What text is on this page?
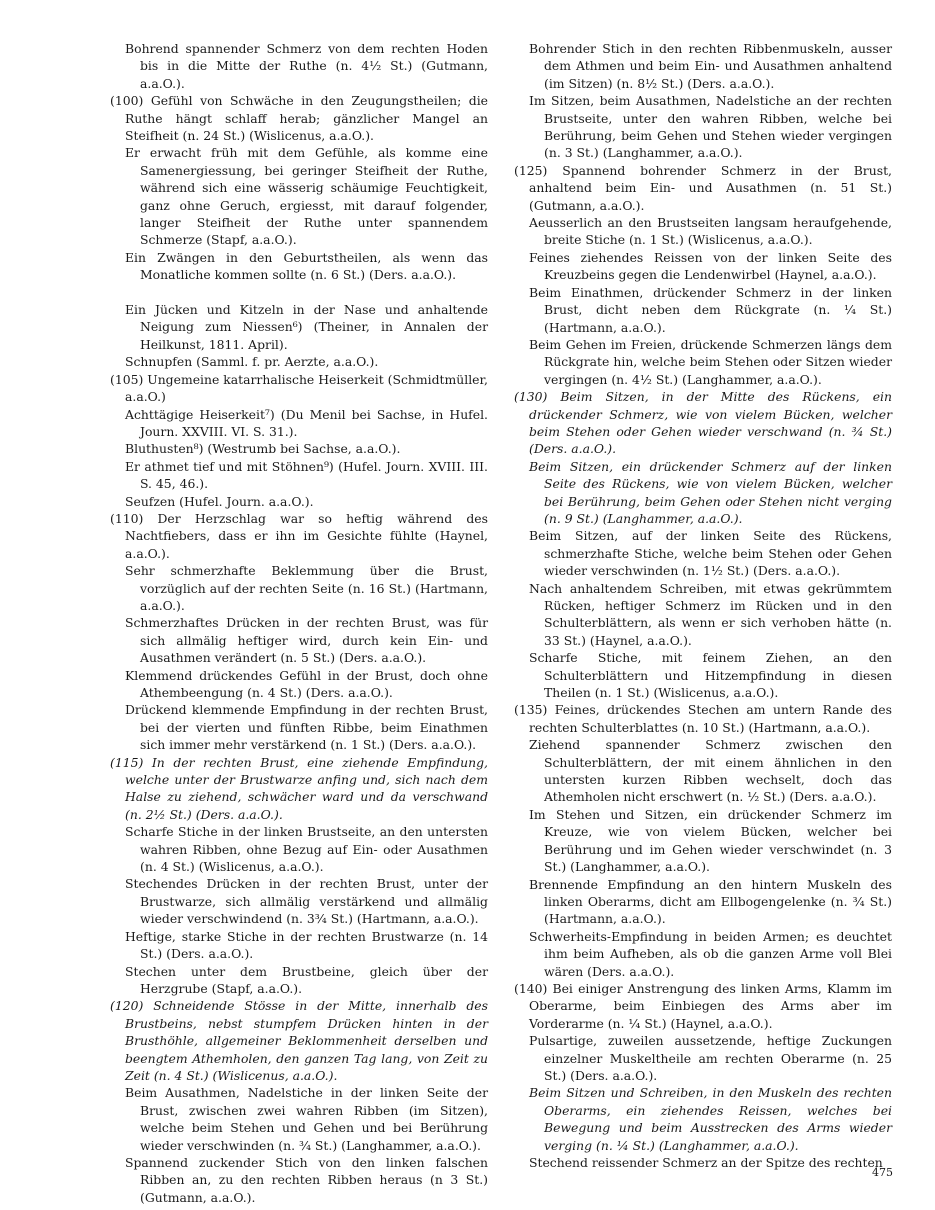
Bohrend spannender Schmerz von dem rechten Hoden bis in die Mitte der Ruthe (n. 4½ St.) (Gutmann, a.a.O.).

(100) Gefühl von Schwäche in den Zeugungstheilen; die Ruthe hängt schlaff herab; gänzlicher Mangel an Steifheit (n. 24 St.) (Wislicenus, a.a.O.).

Er erwacht früh mit dem Gefühle, als komme eine Samenergiessung, bei geringer Steifheit der Ruthe, während sich eine wässerig schäumige Feuchtigkeit, ganz ohne Geruch, ergiesst, mit darauf folgender, langer Steifheit der Ruthe unter spannendem Schmerze (Stapf, a.a.O.).

Ein Zwängen in den Geburtstheilen, als wenn das Monatliche kommen sollte (n. 6 St.) (Ders. a.a.O.).

Ein Jücken und Kitzeln in der Nase und anhaltende Neigung zum Niessen⁶) (Theiner, in Annalen der Heilkunst, 1811. April).

Schnupfen (Samml. f. pr. Aerzte, a.a.O.).

(105) Ungemeine katarrhalische Heiserkeit (Schmidtmüller, a.a.O.)

Achttägige Heiserkeit⁷) (Du Menil bei Sachse, in Hufel. Journ. XXVIII. VI. S. 31.).

Bluthusten⁸) (Westrumb bei Sachse, a.a.O.).

Er athmet tief und mit Stöhnen⁹) (Hufel. Journ. XVIII. III. S. 45, 46.).

Seufzen (Hufel. Journ. a.a.O.).

(110) Der Herzschlag war so heftig während des Nachtfiebers, dass er ihn im Gesichte fühlte (Haynel, a.a.O.).

Sehr schmerzhafte Beklemmung über die Brust, vorzüglich auf der rechten Seite (n. 16 St.) (Hartmann, a.a.O.).

Schmerzhaftes Drücken in der rechten Brust, was für sich allmälig heftiger wird, durch kein Ein- und Ausathmen verändert (n. 5 St.) (Ders. a.a.O.).

Klemmend drückendes Gefühl in der Brust, doch ohne Athembeengung (n. 4 St.) (Ders. a.a.O.).

Drückend klemmende Empfindung in der rechten Brust, bei der vierten und fünften Ribbe, beim Einathmen sich immer mehr verstärkend (n. 1 St.) (Ders. a.a.O.).

(115) In der rechten Brust, eine ziehende Empfindung, welche unter der Brustwarze anfing und, sich nach dem Halse zu ziehend, schwächer ward und da verschwand (n. 2½ St.) (Ders. a.a.O.).

Scharfe Stiche in der linken Brustseite, an den untersten wahren Ribben, ohne Bezug auf Ein- oder Ausathmen (n. 4 St.) (Wislicenus, a.a.O.).

Stechendes Drücken in der rechten Brust, unter der Brustwarze, sich allmälig verstärkend und allmälig wieder verschwindend (n. 3¾ St.) (Hartmann, a.a.O.).

Heftige, starke Stiche in der rechten Brustwarze (n. 14 St.) (Ders. a.a.O.).

Stechen unter dem Brustbeine, gleich über der Herzgrube (Stapf, a.a.O.).

(120) Schneidende Stösse in der Mitte, innerhalb des Brustbeins, nebst stumpfem Drücken hinten in der Brusthöhle, allgemeiner Beklommenheit derselben und beengtem Athemholen, den ganzen Tag lang, von Zeit zu Zeit (n. 4 St.) (Wislicenus, a.a.O.).

Beim Ausathmen, Nadelstiche in der linken Seite der Brust, zwischen zwei wahren Ribben (im Sitzen), welche beim Stehen und Gehen und bei Berührung wieder verschwinden (n. ¾ St.) (Langhammer, a.a.O.).

Spannend zuckender Stich von den linken falschen Ribben an, zu den rechten Ribben heraus (n 3 St.) (Gutmann, a.a.O.).

Bohrender Stich in den rechten Ribbenmuskeln, ausser dem Athmen und beim Ein- und Ausathmen anhaltend (im Sitzen) (n. 8½ St.) (Ders. a.a.O.).

Im Sitzen, beim Ausathmen, Nadelstiche an der rechten Brustseite, unter den wahren Ribben, welche bei Berührung, beim Gehen und Stehen wieder vergingen (n. 3 St.) (Langhammer, a.a.O.).

(125) Spannend bohrender Schmerz in der Brust, anhaltend beim Ein- und Ausathmen (n. 51 St.) (Gutmann, a.a.O.).

Aeusserlich an den Brustseiten langsam heraufgehende, breite Stiche (n. 1 St.) (Wislicenus, a.a.O.).

Feines ziehendes Reissen von der linken Seite des Kreuzbeins gegen die Lendenwirbel (Haynel, a.a.O.).

Beim Einathmen, drückender Schmerz in der linken Brust, dicht neben dem Rückgrate (n. ¼ St.) (Hartmann, a.a.O.).

Beim Gehen im Freien, drückende Schmerzen längs dem Rückgrate hin, welche beim Stehen oder Sitzen wieder vergingen (n. 4½ St.) (Langhammer, a.a.O.).

(130) Beim Sitzen, in der Mitte des Rückens, ein drückender Schmerz, wie von vielem Bücken, welcher beim Stehen oder Gehen wieder verschwand (n. ¾ St.) (Ders. a.a.O.).

Beim Sitzen, ein drückender Schmerz auf der linken Seite des Rückens, wie von vielem Bücken, welcher bei Berührung, beim Gehen oder Stehen nicht verging (n. 9 St.) (Langhammer, a.a.O.).

Beim Sitzen, auf der linken Seite des Rückens, schmerzhafte Stiche, welche beim Stehen oder Gehen wieder verschwinden (n. 1½ St.) (Ders. a.a.O.).

Nach anhaltendem Schreiben, mit etwas gekrümmtem Rücken, heftiger Schmerz im Rücken und in den Schulterblättern, als wenn er sich verhoben hätte (n. 33 St.) (Haynel, a.a.O.).

Scharfe Stiche, mit feinem Ziehen, an den Schulterblättern und Hitzempfindung in diesen Theilen (n. 1 St.) (Wislicenus, a.a.O.).

(135) Feines, drückendes Stechen am untern Rande des rechten Schulterblattes (n. 10 St.) (Hartmann, a.a.O.).

Ziehend spannender Schmerz zwischen den Schulterblättern, der mit einem ähnlichen in den untersten kurzen Ribben wechselt, doch das Athemholen nicht erschwert (n. ½ St.) (Ders. a.a.O.).

Im Stehen und Sitzen, ein drückender Schmerz im Kreuze, wie von vielem Bücken, welcher bei Berührung und im Gehen wieder verschwindet (n. 3 St.) (Langhammer, a.a.O.).

Brennende Empfindung an den hintern Muskeln des linken Oberarms, dicht am Ellbogengelenke (n. ¾ St.) (Hartmann, a.a.O.).

Schwerheits-Empfindung in beiden Armen; es deuchtet ihm beim Aufheben, als ob die ganzen Arme voll Blei wären (Ders. a.a.O.).

(140) Bei einiger Anstrengung des linken Arms, Klamm im Oberarme, beim Einbiegen des Arms aber im Vorderarme (n. ¼ St.) (Haynel, a.a.O.).

Pulsartige, zuweilen aussetzende, heftige Zuckungen einzelner Muskeltheile am rechten Oberarme (n. 25 St.) (Ders. a.a.O.).

Beim Sitzen und Schreiben, in den Muskeln des rechten Oberarms, ein ziehendes Reissen, welches bei Bewegung und beim Ausstrecken des Arms wieder verging (n. ¼ St.) (Langhammer, a.a.O.).

Stechend reissender Schmerz an der Spitze des rechten

475
